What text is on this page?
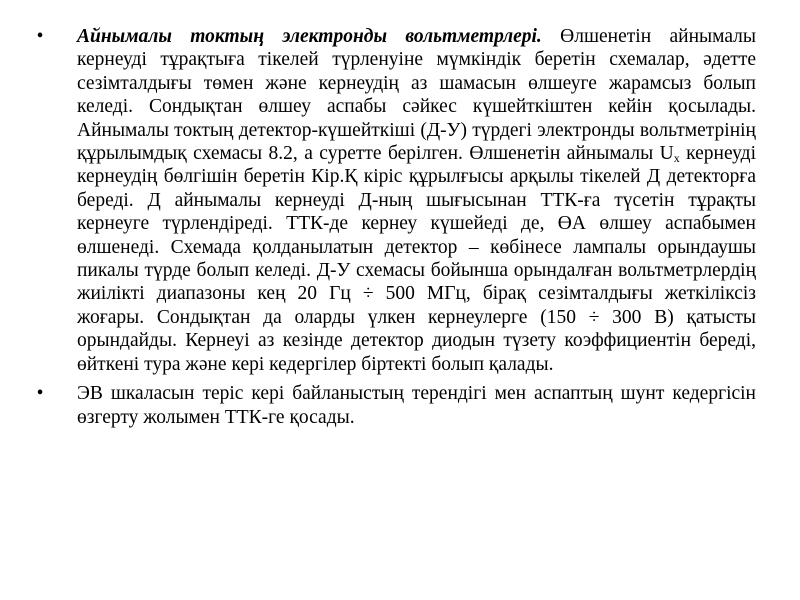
• Айнымалы токтың электронды вольтметрлері. Өлшенетін айнымалы кернеуді тұрақтыға тікелей түрленуіне мүмкіндік беретін схемалар, әдетте сезімталдығы төмен және кернеудің аз шамасын өлшеуге жарамсыз болып келеді. Сондықтан өлшеу аспабы сәйкес күшейткіштен кейін қосылады. Айнымалы токтың детектор-күшейткіші (Д-У) түрдегі электронды вольтметрінің құрылымдық схемасы 8.2, а суретте берілген. Өлшенетін айнымалы $U_x$ кернеуді кернеудің бөлгішін беретін Кір.Қ кіріс құрылғысы арқылы тікелей Д детекторға береді. Д айнымалы кернеуді Д-ның шығысынан ТТК-ға түсетін тұрақты кернеуге түрлендіреді. ТТК-де кернеу күшейеді де, ӨА өлшеу аспабымен өлшенеді. Схемада қолданылатын детектор – көбінесе лампалы орындаушы пикалы түрде болып келеді. Д-У схемасы бойынша орындалған вольтметрлердің жиілікті диапазоны кең 20 Гц ÷ 500 МГц, бірақ сезімталдығы жеткіліксіз жоғары. Сондықтан да оларды үлкен кернеулерге (150 ÷ 300 В) қатысты орындайды. Кернеуі аз кезінде детектор диодын түзету коэффициентін береді, өйткені тура және кері кедергілер біртекті болып қалады.
• ЭВ шкаласын теріс кері байланыстың терендігі мен аспаптың шунт кедергісін өзгерту жолымен ТТК-ге қосады.
